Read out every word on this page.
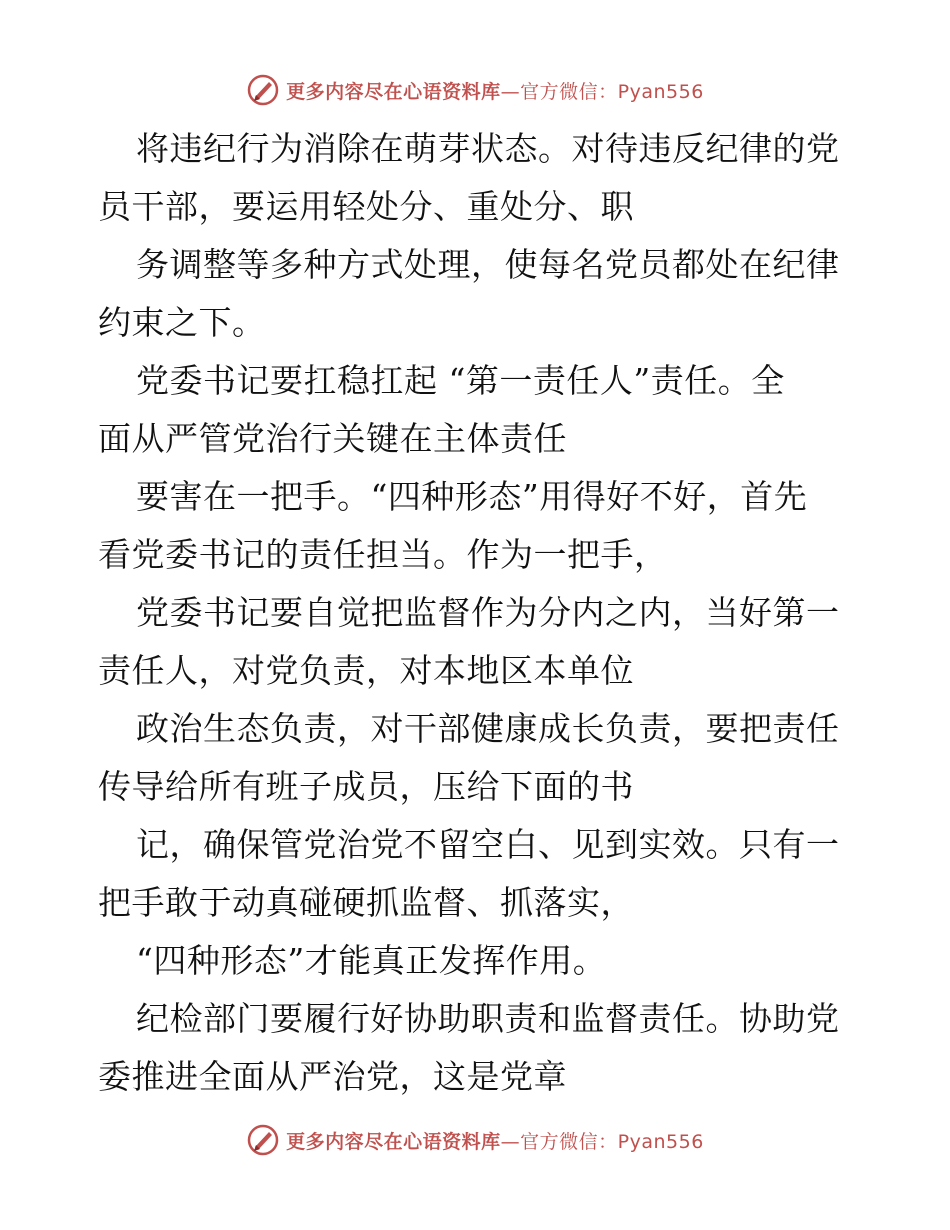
更多内容尽在心语资料库—官方微信：Pyan556
将违纪行为消除在萌芽状态。对待违反纪律的党
员干部，要运用轻处分、重处分、职
务调整等多种方式处理，使每名党员都处在纪律
约束之下。
党委书记要扛稳扛起 “第一责任人”责任。全
面从严管党治行关键在主体责任
要害在一把手。“四种形态”用得好不好，首先
看党委书记的责任担当。作为一把手，
党委书记要自觉把监督作为分内之内，当好第一
责任人，对党负责，对本地区本单位
政治生态负责，对干部健康成长负责，要把责任
传导给所有班子成员，压给下面的书
记，确保管党治党不留空白、见到实效。只有一
把手敢于动真碰硬抓监督、抓落实，
“四种形态”才能真正发挥作用。
纪检部门要履行好协助职责和监督责任。协助党
委推进全面从严治党，这是党章
更多内容尽在心语资料库—官方微信：Pyan556
